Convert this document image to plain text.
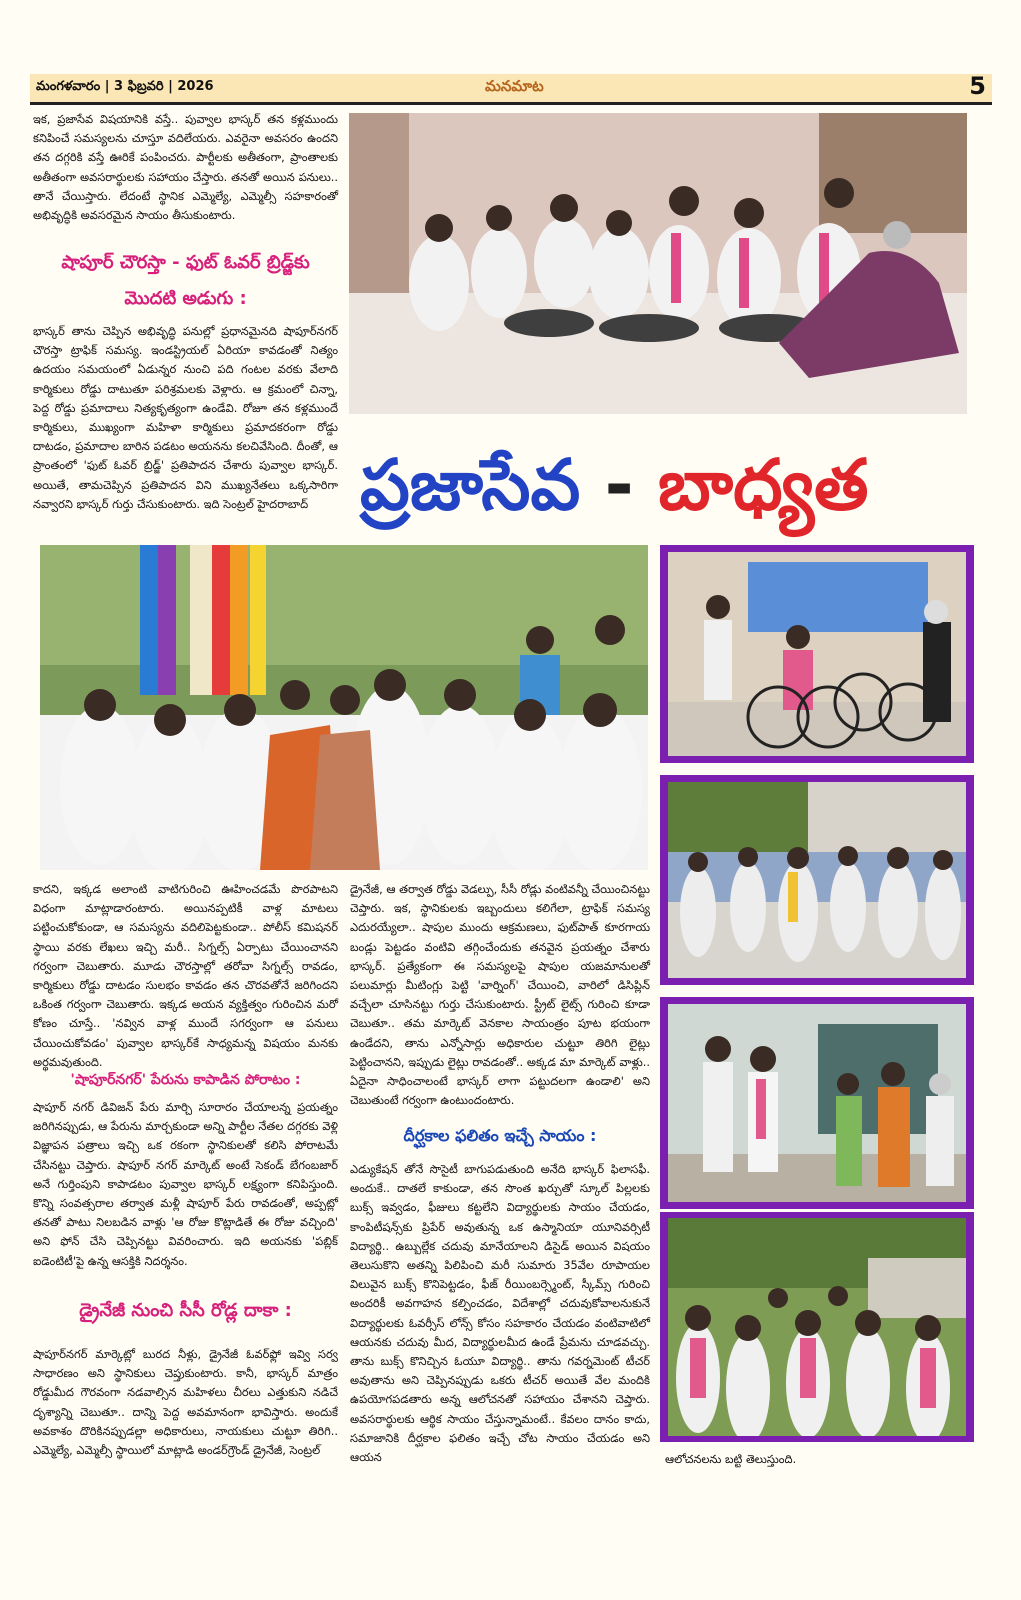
మంగళవారం | 3 ఫిబ్రవరి | 2026	మనమాట	5

ఇక, ప్రజాసేవ విషయానికి వస్తే.. పువ్వాల భాస్కర్ తన కళ్లముందు కనిపించే సమస్యలను చూస్తూ వదిలేయరు. ఎవరైనా అవసరం ఉందని తన దగ్గరికి వస్తే ఊరికే పంపించరు. పార్టీలకు అతీతంగా, ప్రాంతాలకు అతీతంగా అవసరార్థులకు సహాయం చేస్తారు. తనతో అయిన పనులు.. తానే చేయిస్తారు. లేదంటే స్థానిక ఎమ్మెల్యే, ఎమ్మెల్సీ సహకారంతో అభివృద్ధికి అవసరమైన సాయం తీసుకుంటారు.

షాపూర్ చౌరస్తా - ఫుట్ ఓవర్ బ్రిడ్జ్‌కు

మొదటి అడుగు :

భాస్కర్ తాను చెప్పిన అభివృద్ధి పనుల్లో ప్రధానమైనది షాపూర్‌నగర్ చౌరస్తా ట్రాఫిక్ సమస్య. ఇండస్ట్రియల్ ఏరియా కావడంతో నిత్యం ఉదయం సమయంలో ఏడున్నర నుంచి పది గంటల వరకు వేలాది కార్మికులు రోడ్డు దాటుతూ పరిశ్రమలకు వెళ్లారు. ఆ క్రమంలో చిన్నా, పెద్ద రోడ్డు ప్రమాదాలు నిత్యకృత్యంగా ఉండేవి. రోజూ తన కళ్లముందే కార్మికులు, ముఖ్యంగా మహిళా కార్మికులు ప్రమాదకరంగా రోడ్డు దాటడం, ప్రమాదాల బారిన పడటం అయనను కలచివేసింది. దీంతో, ఆ ప్రాంతంలో 'ఫుట్ ఓవర్ బ్రిడ్జ్' ప్రతిపాదన చేశారు పువ్వాల భాస్కర్. అయితే, తామచెప్పిన ప్రతిపాదన విని ముఖ్యనేతలు ఒక్కసారిగా నవ్వారని భాస్కర్ గుర్తు చేసుకుంటారు. ఇది సెంట్రల్ హైదరాబాద్ ప్రజాసేవ - బాధ్యత

కాదని, ఇక్కడ అలాంటి వాటిగురించి ఊహించడమే పొరపాటని విధంగా మాట్లాడారంటారు. అయినప్పటికీ వాళ్ల మాటలు పట్టించుకోకుండా, ఆ సమస్యను వదిలిపెట్టకుండా.. పోలీస్ కమిషనర్ స్థాయి వరకు లేఖలు ఇచ్చి మరీ.. సిగ్నల్స్ ఏర్పాటు చేయించానని గర్వంగా చెబుతారు. మూడు చౌరస్తాల్లో తరోవా సిగ్నల్స్ రావడం, కార్మికులు రోడ్డు దాటడం సులభం కావడం తన చొరవతోనే జరిగిందని ఒకింత గర్వంగా చెబుతారు. ఇక్కడ అయన వ్యక్తిత్వం గురించిన మరో కోణం చూస్తే.. 'నవ్విన వాళ్ల ముందే సగర్వంగా ఆ పనులు చేయించుకోవడం' పువ్వాల భాస్కర్‌కే సాధ్యమన్న విషయం మనకు అర్థమవుతుంది.

'షాపూర్‌నగర్' పేరును కాపాడిన పోరాటం :

షాపూర్ నగర్ డివిజన్ పేరు మార్చి సూరారం చేయాలన్న ప్రయత్నం జరిగినప్పుడు, ఆ పేరును మార్చకుండా అన్ని పార్టీల నేతల దగ్గరకు వెళ్లి విజ్ఞాపన పత్రాలు ఇచ్చి ఒక రకంగా స్థానికులతో కలిసి పోరాటమే చేసినట్టు చెప్తారు. షాపూర్ నగర్ మార్కెట్ అంటే సెకండ్ బేగంబజార్ అనే గుర్తింపుని కాపాడటం పువ్వాల భాస్కర్ లక్ష్యంగా కనిపిస్తుంది. కొన్ని సంవత్సరాల తర్వాత మళ్లీ షాపూర్ పేరు రావడంతో, అప్పట్లో తనతో పాటు నిలబడిన వాళ్లు 'ఆ రోజు కొట్లాడితే ఈ రోజు వచ్చింది' అని ఫోన్ చేసి చెప్పినట్టు వివరించారు. ఇది అయనకు 'పబ్లిక్ ఐడెంటిటీ'పై ఉన్న ఆసక్తికి నిదర్శనం.

డ్రైనేజీ నుంచి సీసీ రోడ్ల దాకా :

షాపూర్‌నగర్ మార్కెట్లో బురద నీళ్లు, డ్రైనేజీ ఓవర్‌ఫ్లో ఇవ్వి సర్వ సాధారణం అని స్థానికులు చెప్తుకుంటారు. కానీ, భాస్కర్ మాత్రం రోడ్డుమీద గౌరవంగా నడవాల్సిన మహిళలు చీరలు ఎత్తుకుని నడిచే దృశ్యాన్ని చెబుతూ.. దాన్ని పెద్ద అవమానంగా భావిస్తారు. అందుకే అవకాశం దొరికినప్పుడల్లా అధికారులు, నాయకులు చుట్టూ తిరిగి.. ఎమ్మెల్యే, ఎమ్మెల్సీ స్థాయిలో మాట్లాడి అండర్‌గ్రౌండ్ డ్రైనేజీ, సెంట్రల్

డ్రైనేజీ, ఆ తర్వాత రోడ్డు వెడల్పు, సీసీ రోడ్లు వంటివన్నీ చేయించినట్టు చెప్తారు. ఇక, స్థానికులకు ఇబ్బందులు కలిగేలా, ట్రాఫిక్ సమస్య ఎదురయ్యేలా.. షాపుల ముందు ఆక్రమణలు, ఫుట్‌పాత్ కూరగాయ బండ్లు పెట్టడం వంటివి తగ్గించేందుకు తనవైన ప్రయత్నం చేశారు భాస్కర్. ప్రత్యేకంగా ఈ సమస్యలపై షాపుల యజమానులతో పలుమార్లు మీటింగ్లు పెట్టి 'వార్నింగ్' చేయించి, వారిలో డిసిప్లిన్ వచ్చేలా చూసినట్టు గుర్తు చేసుకుంటారు. స్ట్రీట్ లైట్స్ గురించి కూడా చెబుతూ.. తమ మార్కెట్ వెనకాల సాయంత్రం పూట భయంగా ఉండేదని, తాను ఎన్నోసార్లు అధికారుల చుట్టూ తిరిగి లైట్లు పెట్టించానని, ఇప్పుడు లైట్లు రావడంతో.. అక్కడ మా మార్కెట్ వాళ్లు.. ఏదైనా సాధించాలంటే భాస్కర్ లాగా పట్టుదలగా ఉండాలి' అని చెబుతుంటే గర్వంగా ఉంటుందంటారు.

దీర్ఘకాల ఫలితం ఇచ్చే సాయం :

ఎడ్యుకేషన్ తోనే సొసైటీ బాగుపడుతుంది అనేది భాస్కర్ ఫిలాసఫీ. అందుకే.. దాతలే కాకుండా, తన సొంత ఖర్చుతో స్కూల్ పిల్లలకు బుక్స్ ఇవ్వడం, ఫీజులు కట్టలేని విద్యార్థులకు సాయం చేయడం, కాంపిటీషన్స్‌కు ప్రిపేర్ అవుతున్న ఒక ఉస్మానియా యూనివర్సిటీ విద్యార్థి.. ఉబ్బుల్లేక చదువు మానేయాలని డిసైడ్ అయిన విషయం తెలుసుకొని అతన్ని పిలిపించి మరీ సుమారు 35వేల రూపాయల విలువైన బుక్స్ కొనిపెట్టడం, ఫీజ్ రీయింబర్స్మెంట్, స్కీమ్స్ గురించి అందరికీ అవగాహన కల్పించడం, విదేశాల్లో చదువుకోవాలనుకునే విద్యార్థులకు ఓవర్సీస్ లోన్స్ కోసం సహకారం చేయడం వంటివాటిలో ఆయనకు చదువు మీద, విద్యార్థులమీద ఉండే ప్రేమను చూడవచ్చు. తాను బుక్స్ కొనిచ్చిన ఓయూ విద్యార్థి.. తాను గవర్నమెంట్ టీచర్ అవుతాను అని చెప్పినప్పుడు ఒకరు టీచర్ అయితే వేల మందికి ఉపయోగపడతారు అన్న ఆలోచనతో సహాయం చేశానని చెప్తారు. అవసరార్థులకు ఆర్థిక సాయం చేస్తున్నామంటే.. కేవలం దానం కాదు, సమాజానికి దీర్ఘకాల ఫలితం ఇచ్చే చోట సాయం చేయడం అని ఆయన	ఆలోచనలను బట్టి తెలుస్తుంది.
